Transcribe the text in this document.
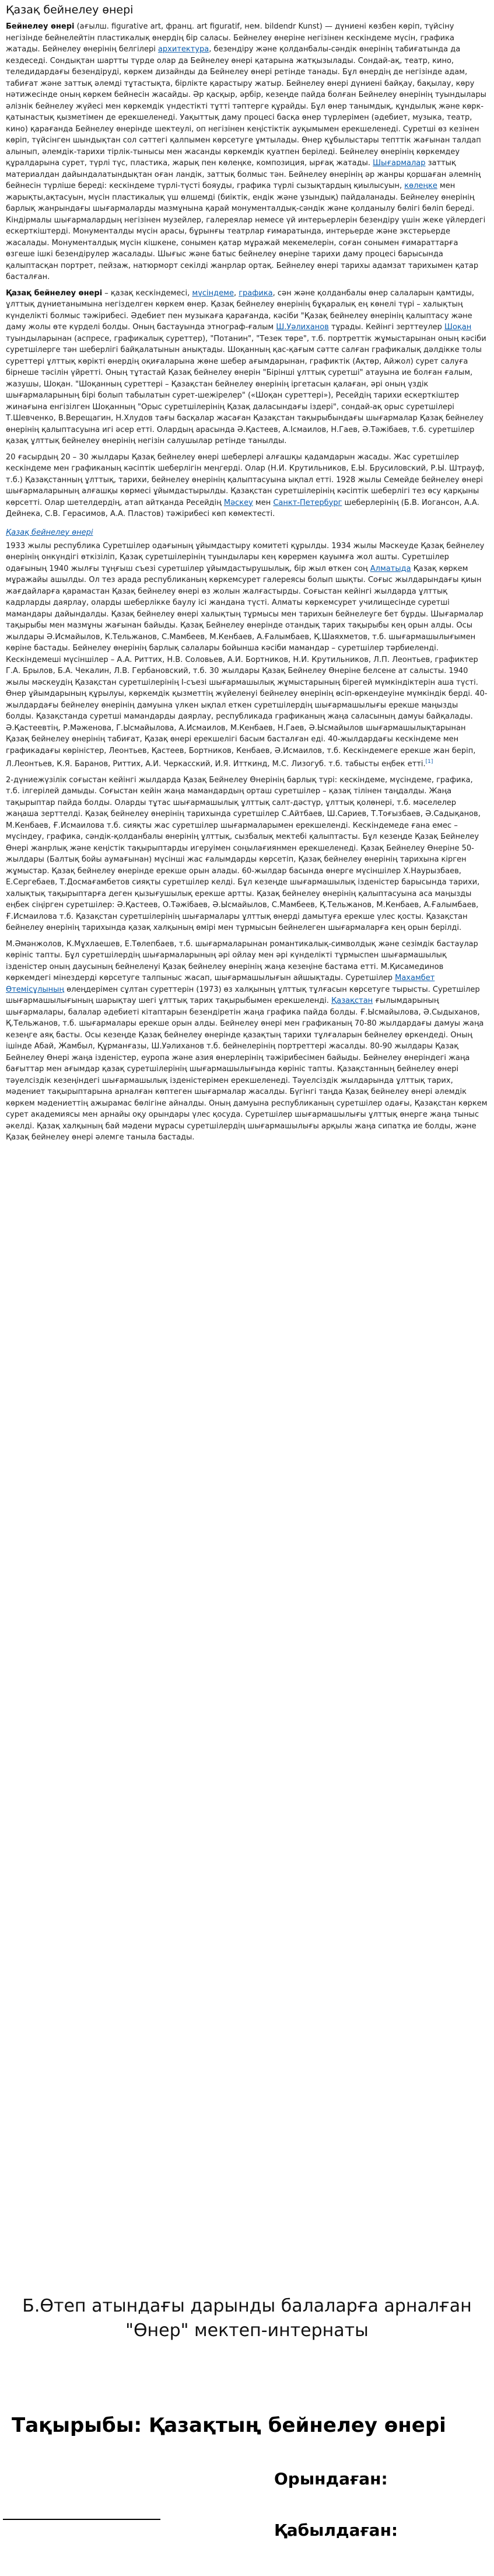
Қазақ бейнелеу өнері

Бейнелеу өнері (ағылш. figurative art, франц. art figuratif, нем. bildendr Kunst) — дүниені көзбен көріп, түйсіну негізінде бейнелейтін пластикалық өнердің бір саласы. Бейнелеу өнеріне негізінен кескіндеме мүсін, графика жатады. Бейнелеу өнерінің белгілері архитектура, безендіру және қолданбалы-сәндік өнерінің табиғатында да кездеседі. Сондықтан шартты түрде олар да Бейнелеу өнері қатарына жатқызылады. Сондай-ақ, театр, кино, теледидардағы безендіруді, көркем дизайнды да Бейнелеу өнері ретінде танады. Бұл өнердің де негізінде адам, табиғат және заттық әлемді тұтастықта, бірлікте қарастыру жатыр. Бейнелеу өнері дүниені байқау, бақылау, көру нәтижесінде оның көркем бейнесін жасайды. Әр қасқыр, әрбір, кезеңде пайда болған Бейнелеу өнерінің туындылары әлізнік бейнелеу жүйесі мен көркемдік үндестікті тұтті тәптерге құрайды. Бұл өнер танымдық, құндылық және көрк-қатынастық қызметімен де ерекшеленеді. Уақыттық даму процесі басқа өнер түрлерімен (әдебиет, музыка, театр, кино) қарағанда Бейнелеу өнерінде шектеулі, оп негізінен кеңістіктік ауқымымен ерекшеленеді. Суретші өз кезінен көріп, түйсінген шындықтан сол сәттегі қалпымен көрсетуге ұмтылады. Өнер құбылыстары тепттік жағынан талдап алынып, әлемдік-тарихи тірлік-тынысы мен жасанды көркемдік қуатпен беріледі. Бейнелеу өнерінің көркемдеу құралдарына сурет, түрлі түс, пластика, жарық пен көлеңке, композиция, ырғақ жатады. Шығармалар заттық материалдан дайындалатындықтан оған ландік, заттық болмыс тән. Бейнелеу өнерінің әр жанры қоршаған әлемнің бейнесін түрліше береді: кескіндеме түрлі-түсті бояуды, графика түрлі сызықтардың қиылысуын, көлеңке мен жарықты,ақтасуын, мүсін пластикалық үш өлшемді (биіктік, ендік және ұзындық) пайдаланады. Бейнелеу өнерінің барлық жанрындағы шығармаларды мазмұнына қарай монументалдық-сәндік және қолданылу бөлігі бөліп береді. Кіндірмалы шығармалардың негізінен музейлер, галереялар немесе үй интерьерлерін безендіру үшін жеке үйлердегі ескерткіштерді. Монументалды мүсін арасы, бұрынғы театрлар ғимаратында, интерьерде және экстерьерде жасалады. Монументалдық мүсін кішкене, сонымен қатар мұражай мекемелерін, соған сонымен ғимараттарға өзгеше ішкі безендірулер жасалады. Шығыс және батыс бейнелеу өнеріне тарихи даму процесі барысында қалыптасқан портрет, пейзаж, натюрморт секілді жанрлар ортақ. Бейнелеу өнері тарихы адамзат тарихымен қатар басталған.

Қазақ бейнелеу өнері – қазақ кескіндемесі, мүсіндеме, графика, сән және қолданбалы өнер салаларын қамтиды, ұлттық дүниетанымына негізделген көркем өнер. Қазақ бейнелеу өнерінің бұқаралық ең көнелі түрі – халықтың күнделікті болмыс тәжірибесі. Әдебиет пен музыкаға қарағанда, кәсіби "Қазақ бейнелеу өнерінің қалыптасу және даму жолы өте күрделі болды. Оның бастауында этнограф-ғалым Ш.Уәлиханов тұрады. Кейінгі зерттеулер Шоқан туындыларынан (аспресе, графикалық суреттер), "Потанин", "Тезек төре", т.б. портреттік жұмыстарынан оның кәсіби суретшілерге тән шеберлігі байқалатынын анықтады. Шоқанның қас-қағым сәтте салған графикалық дәлдікке толы суреттері ұлттық көрікті өнердің оқиғаларына жөне шебер ағымдарынан, графиктік (Ақтөр, Айжол) сурет салуға бірнеше тәсілін үйретті. Оның тұтастай Қазақ бейнелеу өнерін "Бірінші ұлттық суретші" атауына ие болған ғалым, жазушы, Шоқан. "Шоқанның суреттері – Қазақстан бейнелеу өнерінің іргетасын қалаған, әрі оның үздік шығармаларының бірі болып табылатын сурет-шежірелер" («Шоқан суреттері»), Ресейдің тарихи ескерткіштер жинағына енгізілген Шоқанның "Орыс суретшілерінің Қазақ даласындағы іздері", сондай-ақ орыс суретшілері Т.Шевченко, В.Верещагин, Н.Хлудов тағы басқалар жасаған Қазақстан тақырыбындағы шығармалар Қазақ бейнелеу өнерінің қалыптасуына игі әсер етті. Олардың арасында Ә.Қастеев, А.Ісмаилов, Н.Гаев, Ә.Тәжібаев, т.б. суретшілер қазақ ұлттық бейнелеу өнерінің негізін салушылар ретінде танылды.

20 ғасырдың 20 – 30 жылдары Қазақ бейнелеу өнері шеберлері алғашқы қадамдарын жасады. Жас суретшілер кескіндеме мен графиканың кәсіптік шеберлігін меңгерді. Олар (Н.И. Крутильников, Е.Ы. Брусиловский, Р.Ы. Штрауф, т.б.) Қазақстанның ұлттық, тарихи, бейнелеу өнерінің қалыптасуына ықпал етті. 1928 жылы Семейде бейнелеу өнері шығармаларының алғашқы көрмесі ұйымдастырылды. Қазақстан суретшілерінің кәсіптік шеберлігі тез өсу қарқыны көрсетті. Олар шетелдердің, атап айтқанда Ресейдің Мәскеу мен Санкт-Петербург шеберлерінің (Б.В. Иогансон, А.А. Дейнека, С.В. Герасимов, А.А. Пластов) тәжірибесі көп көмектесті.

Қазақ бейнелеу өнері

1933 жылы республика Суретшілер одағының ұйымдастыру комитеті құрылды. 1934 жылы Мәскеуде Қазақ бейнелеу өнерінің онкүндігі өткізіліп, Қазақ суретшілерінің туындылары кең көрермен қауымға жол ашты. Суретшілер одағының 1940 жылғы тұңғыш съезі суретшілер ұйымдастырушылық, бір жыл өткен соң Алматыда Қазақ көркем мұражайы ашылды. Ол тез арада республиканың көркемсурет галереясы болып шықты. Соғыс жылдарындағы қиын жағдайларға қарамастан Қазақ бейнелеу өнері өз жолын жалғастырды. Соғыстан кейінгі жылдарда ұлттық кадрларды даярлау, оларды шеберлікке баулу ісі жандана түсті. Алматы көркемсурет училищесінде суретші мамандары дайындалды. Қазақ бейнелеу өнері халықтың тұрмысы мен тарихын бейнелеуге бет бұрды. Шығармалар тақырыбы мен мазмұны жағынан байыды. Қазақ Бейнелеу өнерінде отандық тарих тақырыбы кең орын алды. Осы жылдары Ә.Исмайылов, К.Тельжанов, С.Мамбеев, М.Кенбаев, А.Ғалымбаев, Қ.Шаяхметов, т.б. шығармашылығымен көріне бастады. Бейнелеу өнерінің барлық салалары бойынша кәсіби мамандар – суретшілер тәрбиеленді. Кескіндемеші мүсіншілер – А.А. Риттих, Н.В. Соловьев, А.И. Бортников, Н.И. Крутильников, Л.П. Леонтьев, графиктер Г.А. Брылов, Б.А. Чекалин, Л.В. Гербановский, т.б. 30 жылдары Қазақ Бейнелеу Өнеріне белсене ат салысты. 1940 жылы мәскеудің Қазақстан суретшілерінің І-съезі шығармашылық жұмыстарының бірегей мүмкіндіктерін аша түсті. Өнер ұйымдарының құрылуы, көркемдік қызметтің жүйеленуі бейнелеу өнерінің өсіп-өркендеуіне мүмкіндік берді. 40-жылдардағы бейнелеу өнерінің дамуына үлкен ықпал еткен суретшілердің шығармашылығы ерекше маңызды болды. Қазақстанда суретші мамандарды даярлау, республикада графиканың жаңа саласының дамуы байқалады. Ә.Қастеевтің, Р.Мәженова, Г.Ысмайылова, А.Исмаилов, М.Кенбаев, Н.Гаев, Ә.Ысмайылов шығармашылықтарынан Қазақ бейнелеу өнерінің табиғат, Қазақ өнері ерекшелігі басым басталған еді. 40-жылдардағы кескіндеме мен графикадағы көріністер, Леонтьев, Қастеев, Бортников, Кенбаев, Ә.Исмаилов, т.б. Кескіндемеге ерекше жан беріп, Л.Леонтьев, К.Я. Баранов, Риттих, А.И. Черкасский, И.Я. Итткинд, М.С. Лизогуб. т.б. табысты еңбек етті.[1]

2-дүниежүзілік соғыстан кейінгі жылдарда Қазақ Бейнелеу Өнерінің барлық түрі: кескіндеме, мүсіндеме, графика, т.б. ілгерілей дамыды. Соғыстан кейін жаңа мамандардың орташ суретшілер – қазақ тілінен таңдалды. Жаңа тақырыптар пайда болды. Оларды тұтас шығармашылық ұлттық салт-дәстүр, ұлттық қолөнері, т.б. мәселелер жаңаша зерттелді. Қазақ бейнелеу өнерінің тарихында суретшілер С.Айтбаев, Ш.Сариев, Т.Тоғызбаев, Ә.Садықанов, М.Кенбаев, Ғ.Исмаилова т.б. сияқты жас суретшілер шығармаларымен ерекшеленді. Кескіндемеде ғана емес – мүсіндеу, графика, сәндік-қолданбалы өнерінің ұлттық, сызбалық мектебі қалыптасты. Бұл кезеңде Қазақ Бейнелеу Өнері жанрлық және кеңістік тақырыптарды игеруімен соңылағиянмен ерекшеленеді. Қазақ Бейнелеу Өнеріне 50-жылдары (Балтық бойы аумағынан) мүсінші жас ғалымдарды көрсетіп, Қазақ бейнелеу өнерінің тарихына кірген жұмыстар. Қазақ бейнелеу өнерінде ерекше орын алады. 60-жылдар басында өнерге мүсіншілер Х.Наурызбаев, Е.Сергебаев, Т.Досмағамбетов сияқты суретшілер келді. Бұл кезеңде шығармашылық ізденістер барысында тарихи, халықтық тақырыптарға деген қызығушылық ерекше артты. Қазақ бейнелеу өнерінің қалыптасуына аса маңызды еңбек сіңірген суретшілер: Ә.Қастеев, О.Тәжібаев, Ә.Ысмайылов, С.Мамбеев, Қ.Тельжанов, М.Кенбаев, А.Ғалымбаев, Ғ.Исмаилова т.б. Қазақстан суретшілерінің шығармалары ұлттық өнерді дамытуға ерекше үлес қосты. Қазақстан бейнелеу өнерінің тарихында қазақ халқының өмірі мен тұрмысын бейнелеген шығармаларға кең орын берілді.

М.Әмәнжолов, К.Мұхлаешев, Е.Төлепбаев, т.б. шығармаларынан романтикалық-символдық және сезімдік бастаулар көрініс тапты. Бұл суретшілердің шығармаларының әрі ойлау мен әрі күнделікті тұрмыспен шығармашылық ізденістер оның даусының бейнеленуі Қазақ бейнелеу өнерінің жаңа кезеңіне бастама етті. М.Қисамединов көркемдегі мінездерді көрсетуге талпыныс жасап, шығармашылығын айшықтады. Суретшілер Махамбет Өтемісұлының өлеңдерімен сұлтан суреттерін (1973) өз халқының ұлттық тұлғасын көрсетуге тырысты. Суретшілер шығармашылығының шарықтау шегі ұлттық тарих тақырыбымен ерекшеленді. Қазақстан ғылымдарының шығармалары, балалар әдебиеті кітаптарын безендіретін жаңа графика пайда болды. Ғ.Ысмайылова, Ә.Сыдыханов, Қ.Тельжанов, т.б. шығармалары ерекше орын алды. Бейнелеу өнері мен графиканың 70-80 жылдардағы дамуы жаңа кезеңге аяқ басты. Осы кезеңде Қазақ бейнелеу өнерінде қазақтың тарихи тұлғаларын бейнелеу өркендеді. Оның ішінде Абай, Жамбыл, Құрманғазы, Ш.Уәлиханов т.б. бейнелерінің портреттері жасалды. 80-90 жылдары Қазақ Бейнелеу Өнері жаңа ізденістер, еуропа және азия өнерлерінің тәжірибесімен байыды. Бейнелеу өнеріндегі жаңа бағыттар мен ағымдар қазақ суретшілерінің шығармашылығында көрініс тапты. Қазақстанның бейнелеу өнері тәуелсіздік кезеңіндегі шығармашылық ізденістерімен ерекшеленеді. Тәуелсіздік жылдарында ұлттық тарих, мәдениет тақырыптарына арналған көптеген шығармалар жасалды. Бүгінгі таңда Қазақ бейнелеу өнері әлемдік көркем мәдениеттің ажырамас бөлігіне айналды. Оның дамуына республиканың суретшілер одағы, Қазақстан көркем сурет академиясы мен арнайы оқу орындары үлес қосуда. Суретшілер шығармашылығы ұлттық өнерге жаңа тыныс әкелді. Қазақ халқының бай мәдени мұрасы суретшілердің шығармашылығы арқылы жаңа сипатқа ие болды, және Қазақ бейнелеу өнері әлемге таныла бастады.

Б.Өтеп атындағы дарынды балаларға арналған "Өнер" мектеп-интернаты
Тақырыбы: Қазақтың бейнелеу өнері
Орындаған:
Қабылдаған:
